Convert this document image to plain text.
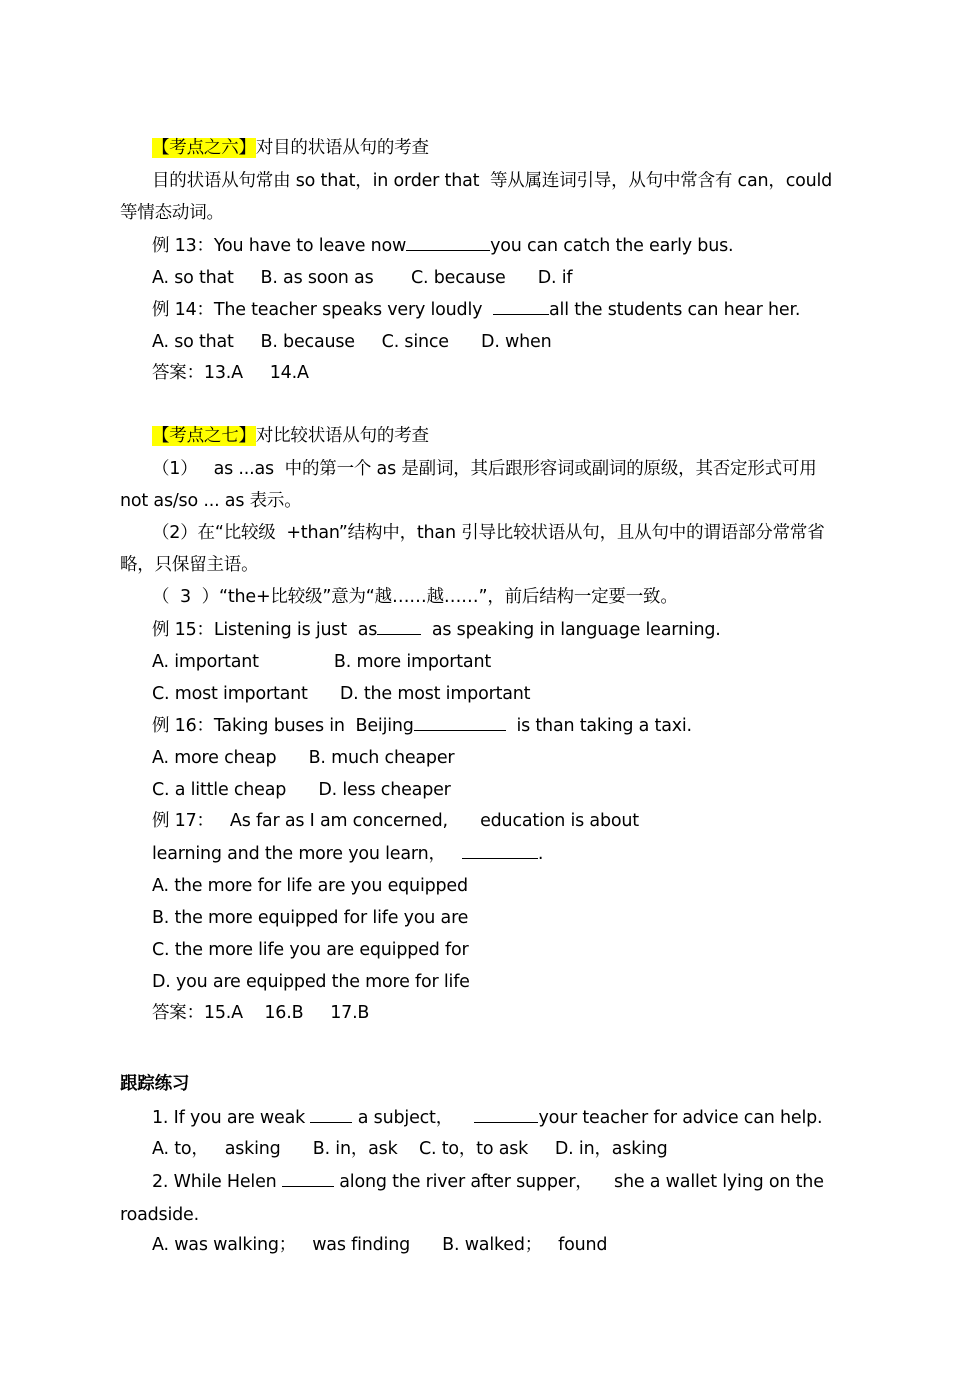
【考点之六】对目的状语从句的考查
目的状语从句常由 so that，in order that  等从属连词引导，从句中常含有 can，could
等情态动词。
例 13：You have to leave now	you can catch the early bus.
A. so that     B. as soon as       C. because      D. if
例 14：The teacher speaks very loudly	all the students can hear her.
A. so that     B. because     C. since      D. when
答案：13.A     14.A
【考点之七】对比较状语从句的考查
（1）   as ...as  中的第一个 as 是副词，其后跟形容词或副词的原级，其否定形式可用
not as/so ... as 表示。
（2）在“比较级  +than”结构中，than 引导比较状语从句，且从句中的谓语部分常常省
略，只保留主语。
（  3  ）“the+比较级”意为“越……越……”，前后结构一定要一致。
例 15：Listening is just  as	as speaking in language learning.
A. important              B. more important
C. most important      D. the most important
例 16：Taking buses in  Beijing	is than taking a taxi.
A. more cheap      B. much cheaper
C. a little cheap      D. less cheaper
例 17：   As far as I am concerned,      education is about
learning and the more you learn，	.
A. the more for life are you equipped
B. the more equipped for life you are
C. the more life you are equipped for
D. you are equipped the more for life
答案：15.A    16.B     17.B
跟踪练习
1. If you are weak  a subject，	your teacher for advice can help.
A. to，   asking      B. in，ask    C. to，to ask     D. in，asking
2. While Helen	along the river after supper，    she a wallet lying on the
roadside.
A. was walking；   was finding      B. walked；   found
